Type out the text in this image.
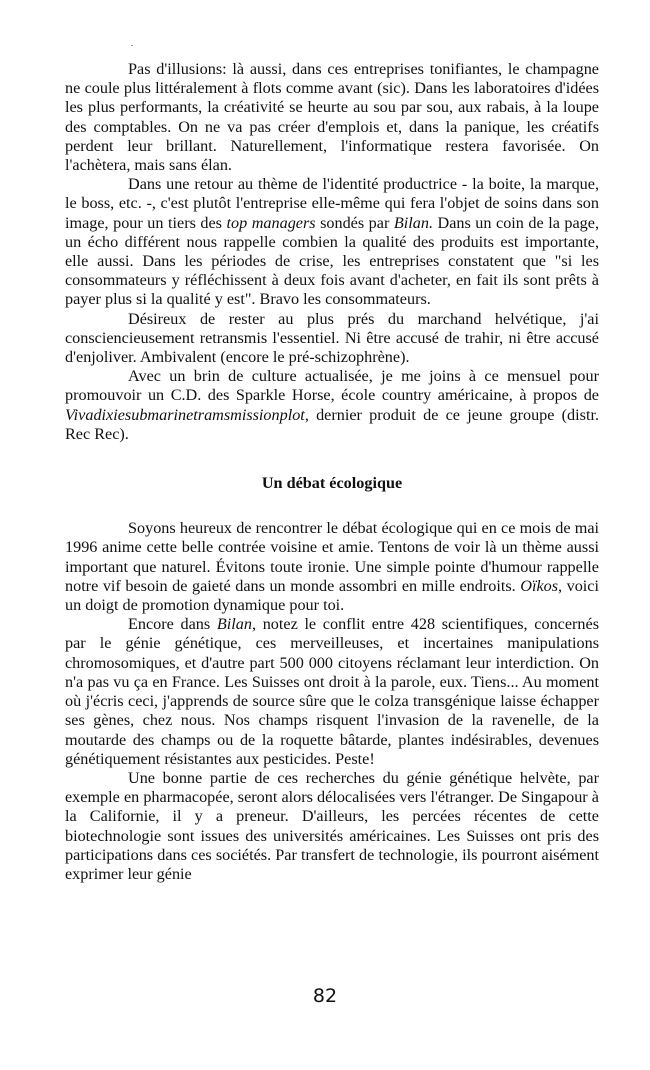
Pas d'illusions: là aussi, dans ces entreprises tonifiantes, le champagne ne coule plus littéralement à flots comme avant (sic). Dans les laboratoires d'idées les plus performants, la créativité se heurte au sou par sou, aux rabais, à la loupe des comptables. On ne va pas créer d'emplois et, dans la panique, les créatifs perdent leur brillant. Naturellement, l'informatique restera favorisée. On l'achètera, mais sans élan.

Dans une retour au thème de l'identité productrice - la boite, la marque, le boss, etc. -, c'est plutôt l'entreprise elle-même qui fera l'objet de soins dans son image, pour un tiers des top managers sondés par Bilan. Dans un coin de la page, un écho différent nous rappelle combien la qualité des produits est importante, elle aussi. Dans les périodes de crise, les entreprises constatent que "si les consommateurs y réfléchissent à deux fois avant d'acheter, en fait ils sont prêts à payer plus si la qualité y est". Bravo les consommateurs.

Désireux de rester au plus prés du marchand helvétique, j'ai consciencieusement retransmis l'essentiel. Ni être accusé de trahir, ni être accusé d'enjoliver. Ambivalent (encore le pré-schizophrène).

Avec un brin de culture actualisée, je me joins à ce mensuel pour promouvoir un C.D. des Sparkle Horse, école country américaine, à propos de Vivadixiesubmarinetramsmissionplot, dernier produit de ce jeune groupe (distr. Rec Rec).

Un débat écologique

Soyons heureux de rencontrer le débat écologique qui en ce mois de mai 1996 anime cette belle contrée voisine et amie. Tentons de voir là un thème aussi important que naturel. Évitons toute ironie. Une simple pointe d'humour rappelle notre vif besoin de gaieté dans un monde assombri en mille endroits. Oïkos, voici un doigt de promotion dynamique pour toi.

Encore dans Bilan, notez le conflit entre 428 scientifiques, concernés par le génie génétique, ces merveilleuses, et incertaines manipulations chromosomiques, et d'autre part 500 000 citoyens réclamant leur interdiction. On n'a pas vu ça en France. Les Suisses ont droit à la parole, eux. Tiens... Au moment où j'écris ceci, j'apprends de source sûre que le colza transgénique laisse échapper ses gènes, chez nous. Nos champs risquent l'invasion de la ravenelle, de la moutarde des champs ou de la roquette bâtarde, plantes indésirables, devenues génétiquement résistantes aux pesticides. Peste!

Une bonne partie de ces recherches du génie génétique helvète, par exemple en pharmacopée, seront alors délocalisées vers l'étranger. De Singapour à la Californie, il y a preneur. D'ailleurs, les percées récentes de cette biotechnologie sont issues des universités américaines. Les Suisses ont pris des participations dans ces sociétés. Par transfert de technologie, ils pourront aisément exprimer leur génie

82
